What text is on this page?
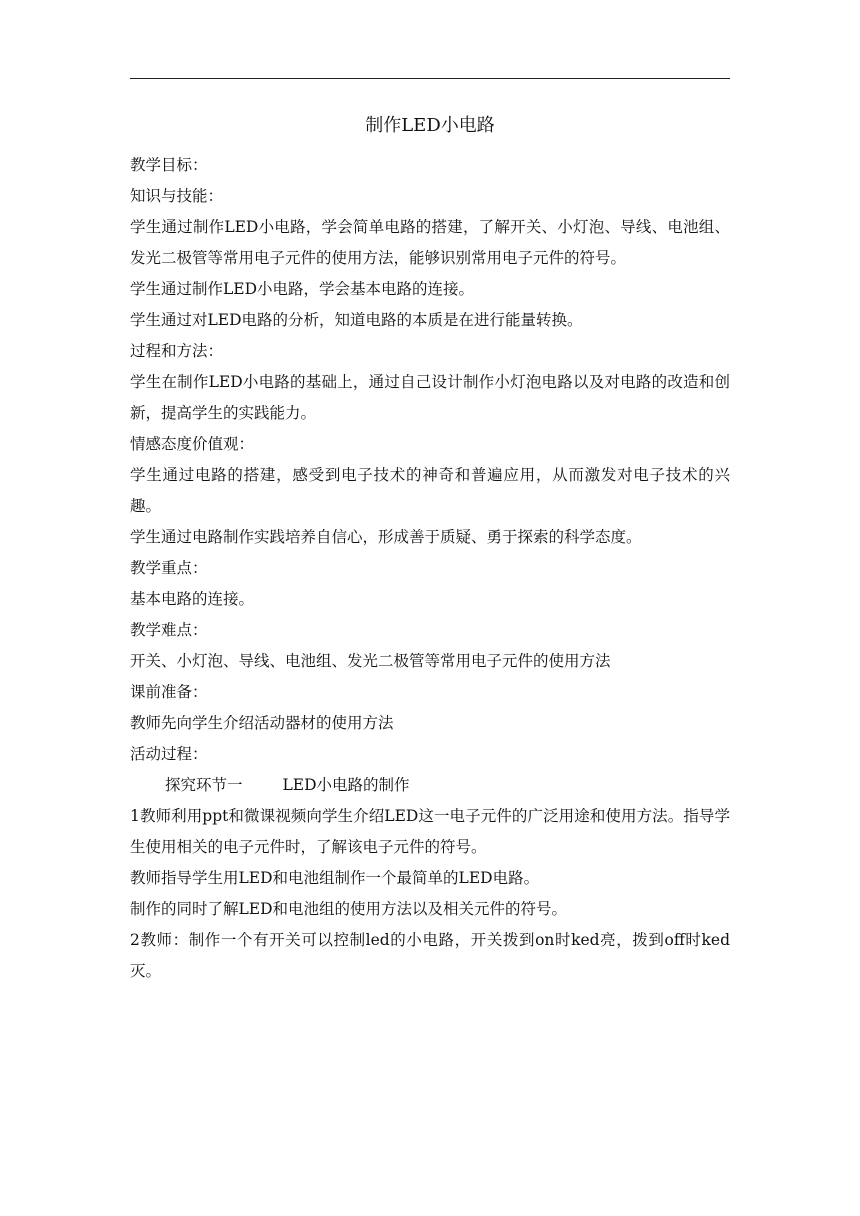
制作LED小电路

教学目标：

知识与技能：

学生通过制作LED小电路，学会简单电路的搭建，了解开关、小灯泡、导线、电池组、发光二极管等常用电子元件的使用方法，能够识别常用电子元件的符号。

学生通过制作LED小电路，学会基本电路的连接。

学生通过对LED电路的分析，知道电路的本质是在进行能量转换。

过程和方法：

学生在制作LED小电路的基础上，通过自己设计制作小灯泡电路以及对电路的改造和创新，提高学生的实践能力。

情感态度价值观：

学生通过电路的搭建，感受到电子技术的神奇和普遍应用，从而激发对电子技术的兴趣。

学生通过电路制作实践培养自信心，形成善于质疑、勇于探索的科学态度。

教学重点：

基本电路的连接。

教学难点：

开关、小灯泡、导线、电池组、发光二极管等常用电子元件的使用方法

课前准备：

教师先向学生介绍活动器材的使用方法

活动过程：

探究环节一	LED小电路的制作

1教师利用ppt和微课视频向学生介绍LED这一电子元件的广泛用途和使用方法。指导学生使用相关的电子元件时，了解该电子元件的符号。

教师指导学生用LED和电池组制作一个最简单的LED电路。

制作的同时了解LED和电池组的使用方法以及相关元件的符号。

2教师：制作一个有开关可以控制led的小电路，开关拨到on时ked亮，拨到off时ked灭。
